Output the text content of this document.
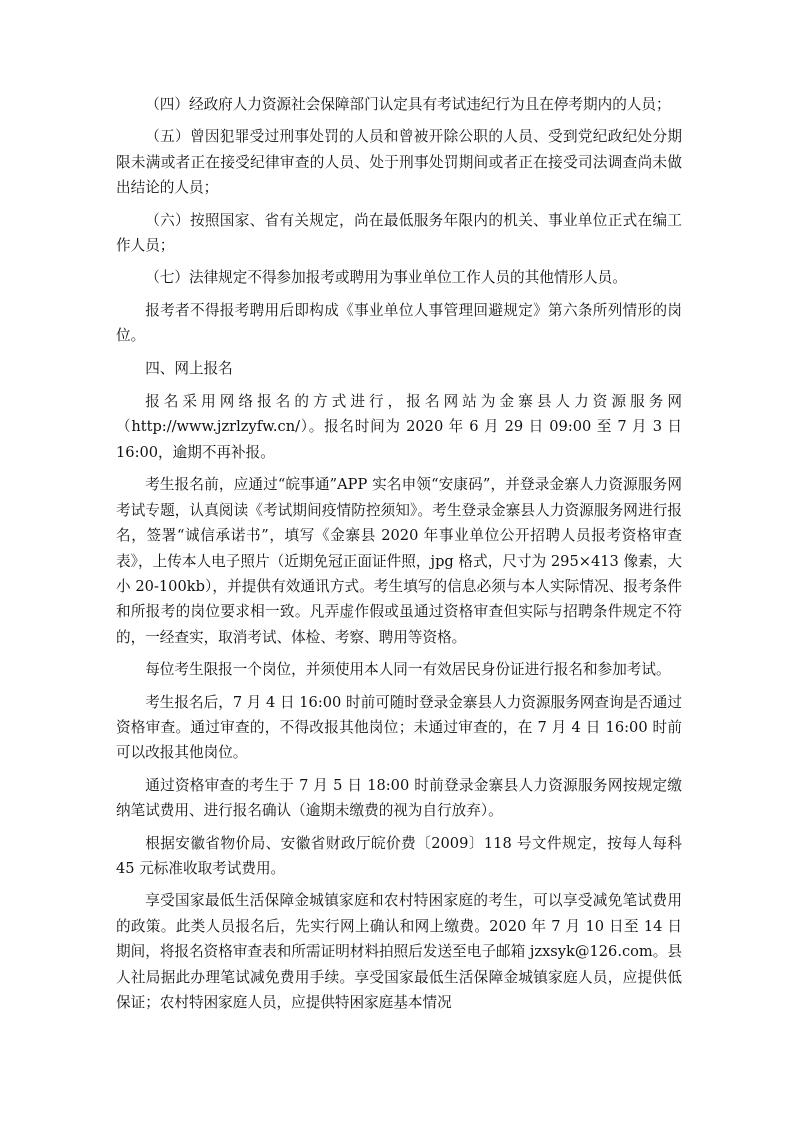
（四）经政府人力资源社会保障部门认定具有考试违纪行为且在停考期内的人员；

（五）曾因犯罪受过刑事处罚的人员和曾被开除公职的人员、受到党纪政纪处分期限未满或者正在接受纪律审查的人员、处于刑事处罚期间或者正在接受司法调查尚未做出结论的人员；

（六）按照国家、省有关规定，尚在最低服务年限内的机关、事业单位正式在编工作人员；

（七）法律规定不得参加报考或聘用为事业单位工作人员的其他情形人员。

报考者不得报考聘用后即构成《事业单位人事管理回避规定》第六条所列情形的岗位。

四、网上报名

报名采用网络报名的方式进行，报名网站为金寨县人力资源服务网（http://www.jzrlzyfw.cn/）。报名时间为 2020 年 6 月 29 日 09:00 至 7 月 3 日 16:00，逾期不再补报。

考生报名前，应通过“皖事通”APP 实名申领“安康码”，并登录金寨人力资源服务网考试专题，认真阅读《考试期间疫情防控须知》。考生登录金寨县人力资源服务网进行报名，签署“诚信承诺书”，填写《金寨县 2020 年事业单位公开招聘人员报考资格审查表》，上传本人电子照片（近期免冠正面证件照，jpg 格式，尺寸为 295×413 像素，大小 20-100kb），并提供有效通讯方式。考生填写的信息必须与本人实际情况、报考条件和所报考的岗位要求相一致。凡弄虚作假或虽通过资格审查但实际与招聘条件规定不符的，一经查实，取消考试、体检、考察、聘用等资格。

每位考生限报一个岗位，并须使用本人同一有效居民身份证进行报名和参加考试。

考生报名后，7 月 4 日 16:00 时前可随时登录金寨县人力资源服务网查询是否通过资格审查。通过审查的，不得改报其他岗位；未通过审查的，在 7 月 4 日 16:00 时前可以改报其他岗位。

通过资格审查的考生于 7 月 5 日 18:00 时前登录金寨县人力资源服务网按规定缴纳笔试费用、进行报名确认（逾期未缴费的视为自行放弃）。

根据安徽省物价局、安徽省财政厅皖价费〔2009〕118 号文件规定，按每人每科 45 元标准收取考试费用。

享受国家最低生活保障金城镇家庭和农村特困家庭的考生，可以享受减免笔试费用的政策。此类人员报名后，先实行网上确认和网上缴费。2020 年 7 月 10 日至 14 日期间，将报名资格审查表和所需证明材料拍照后发送至电子邮箱 jzxsyk@126.com。县人社局据此办理笔试减免费用手续。享受国家最低生活保障金城镇家庭人员，应提供低保证；农村特困家庭人员，应提供特困家庭基本情况
